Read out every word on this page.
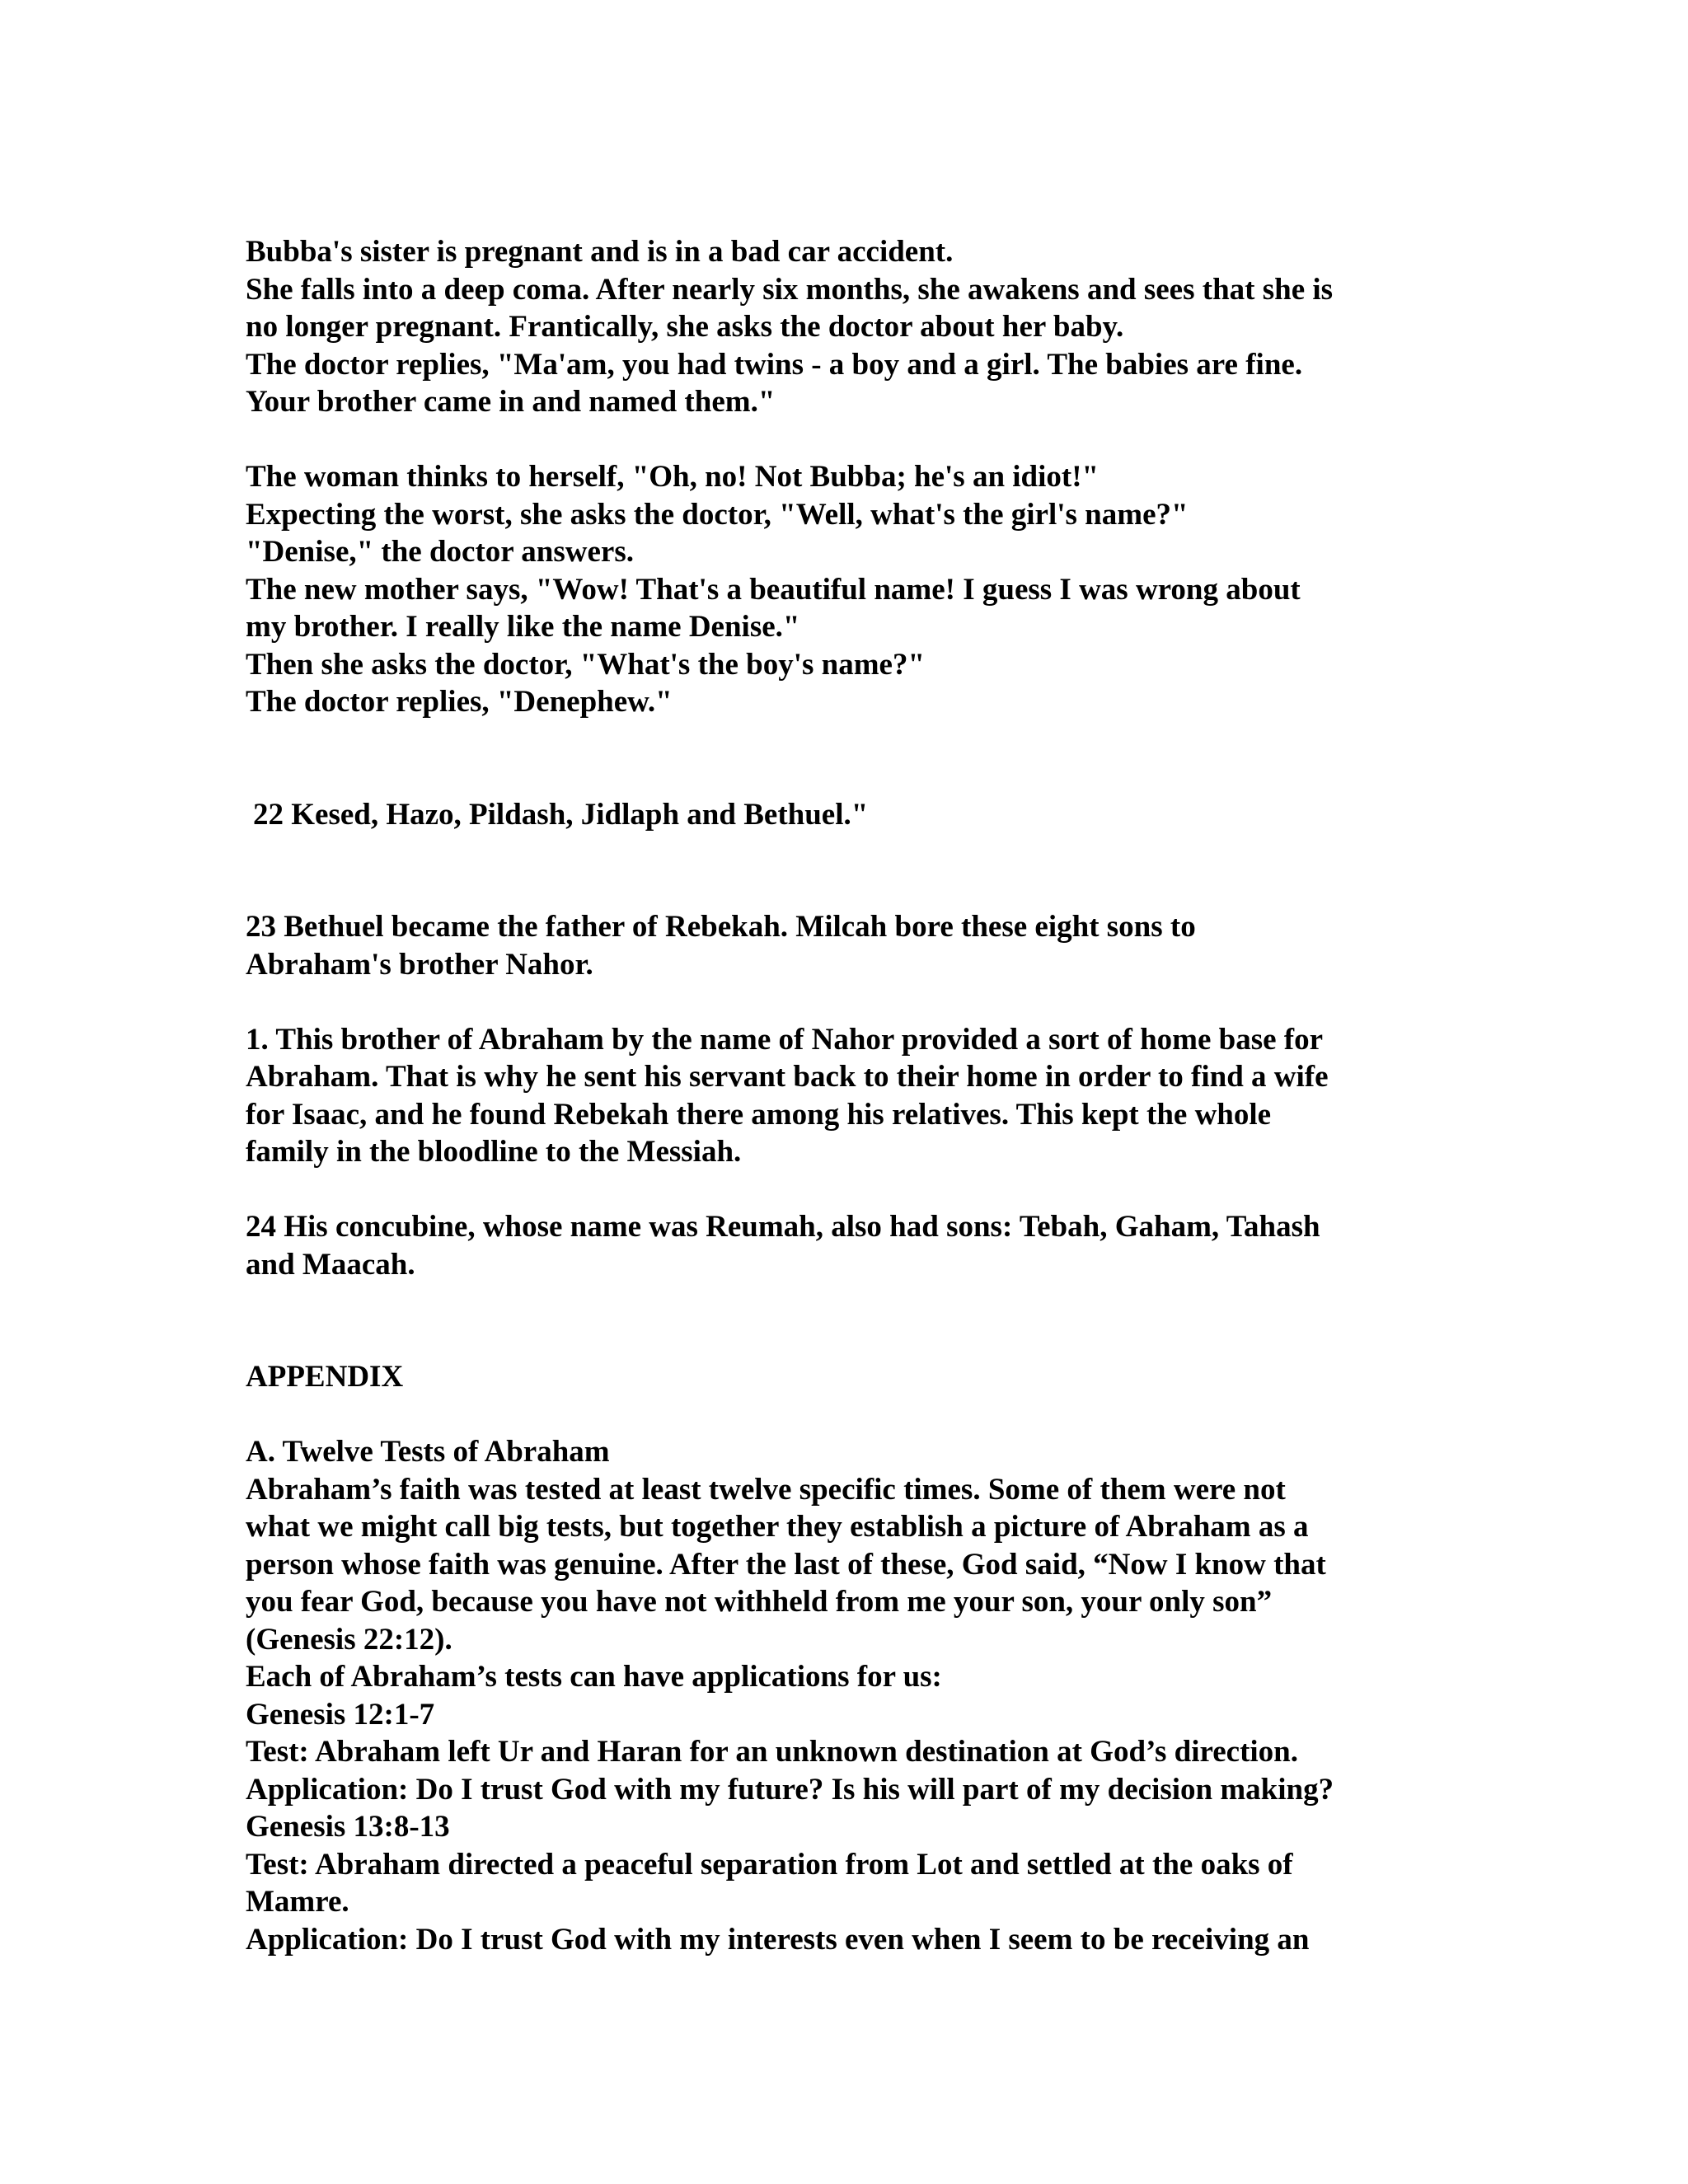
Bubba's sister is pregnant and is in a bad car accident.
She falls into a deep coma. After nearly six months, she awakens and sees that she is
no longer pregnant. Frantically, she asks the doctor about her baby.
The doctor replies, "Ma'am, you had twins - a boy and a girl. The babies are fine.
Your brother came in and named them."
The woman thinks to herself, "Oh, no! Not Bubba; he's an idiot!"
Expecting the worst, she asks the doctor, "Well, what's the girl's name?"
"Denise," the doctor answers.
The new mother says, "Wow! That's a beautiful name! I guess I was wrong about
my brother. I really like the name Denise."
Then she asks the doctor, "What's the boy's name?"
The doctor replies, "Denephew."
22 Kesed, Hazo, Pildash, Jidlaph and Bethuel."
23 Bethuel became the father of Rebekah. Milcah bore these eight sons to
Abraham's brother Nahor.
1. This brother of Abraham by the name of Nahor provided a sort of home base for
Abraham. That is why he sent his servant back to their home in order to find a wife
for Isaac, and he found Rebekah there among his relatives. This kept the whole
family in the bloodline to the Messiah.
24 His concubine, whose name was Reumah, also had sons: Tebah, Gaham, Tahash
and Maacah.
APPENDIX
A. Twelve Tests of Abraham
Abraham’s faith was tested at least twelve specific times. Some of them were not
what we might call big tests, but together they establish a picture of Abraham as a
person whose faith was genuine. After the last of these, God said, “Now I know that
you fear God, because you have not withheld from me your son, your only son”
(Genesis 22:12).
Each of Abraham’s tests can have applications for us:
Genesis 12:1-7
Test: Abraham left Ur and Haran for an unknown destination at God’s direction.
Application: Do I trust God with my future? Is his will part of my decision making?
Genesis 13:8-13
Test: Abraham directed a peaceful separation from Lot and settled at the oaks of
Mamre.
Application: Do I trust God with my interests even when I seem to be receiving an
